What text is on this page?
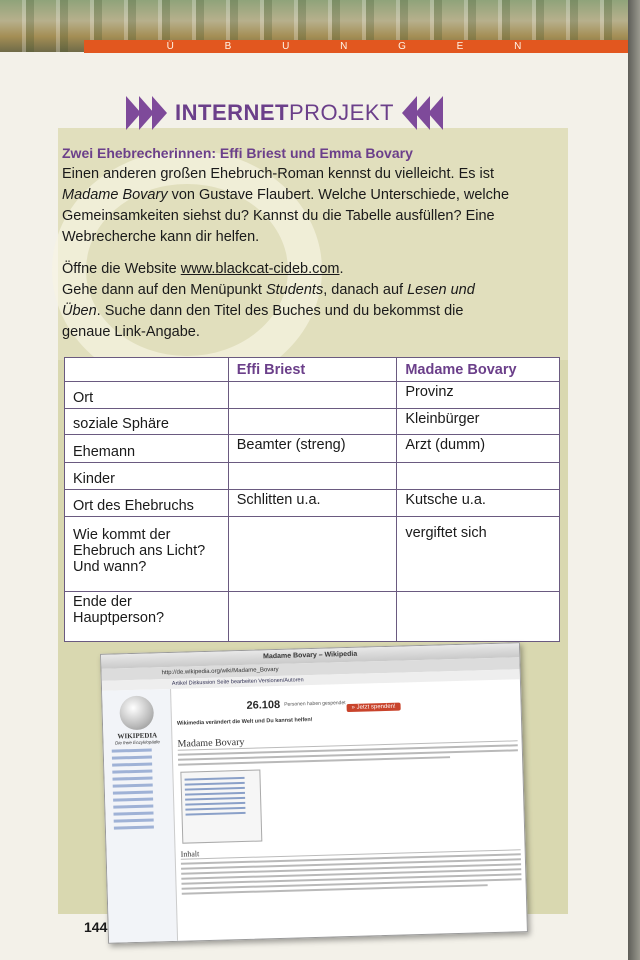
Ü B U N G E N
INTERNETPROJEKT
Zwei Ehebrecherinnen: Effi Briest und Emma Bovary
Einen anderen großen Ehebruch-Roman kennst du vielleicht. Es ist
Madame Bovary von Gustave Flaubert. Welche Unterschiede, welche
Gemeinsamkeiten siehst du? Kannst du die Tabelle ausfüllen? Eine
Webrecherche kann dir helfen.
Öffne die Website www.blackcat-cideb.com.
Gehe dann auf den Menüpunkt Students, danach auf Lesen und
Üben. Suche dann den Titel des Buches und du bekommst die
genaue Link-Angabe.
	Effi Briest	Madame Bovary
Ort		Provinz
soziale Sphäre		Kleinbürger
Ehemann	Beamter (streng)	Arzt (dumm)
Kinder		
Ort des Ehebruchs	Schlitten u.a.	Kutsche u.a.
Wie kommt der Ehebruch ans Licht? Und wann?		vergiftet sich
Ende der Hauptperson?		
Madame Bovary – Wikipedia
http://de.wikipedia.org/wiki/Madame_Bovary
Artikel Diskussion Seite bearbeiten Versionen/Autoren
WIKIPEDIA
Die freie Enzyklopädie
26.108 Personen haben gespendet » Jetzt spenden!
Wikimedia verändert die Welt und Du kannst helfen!
Madame Bovary
Inhalt
144
